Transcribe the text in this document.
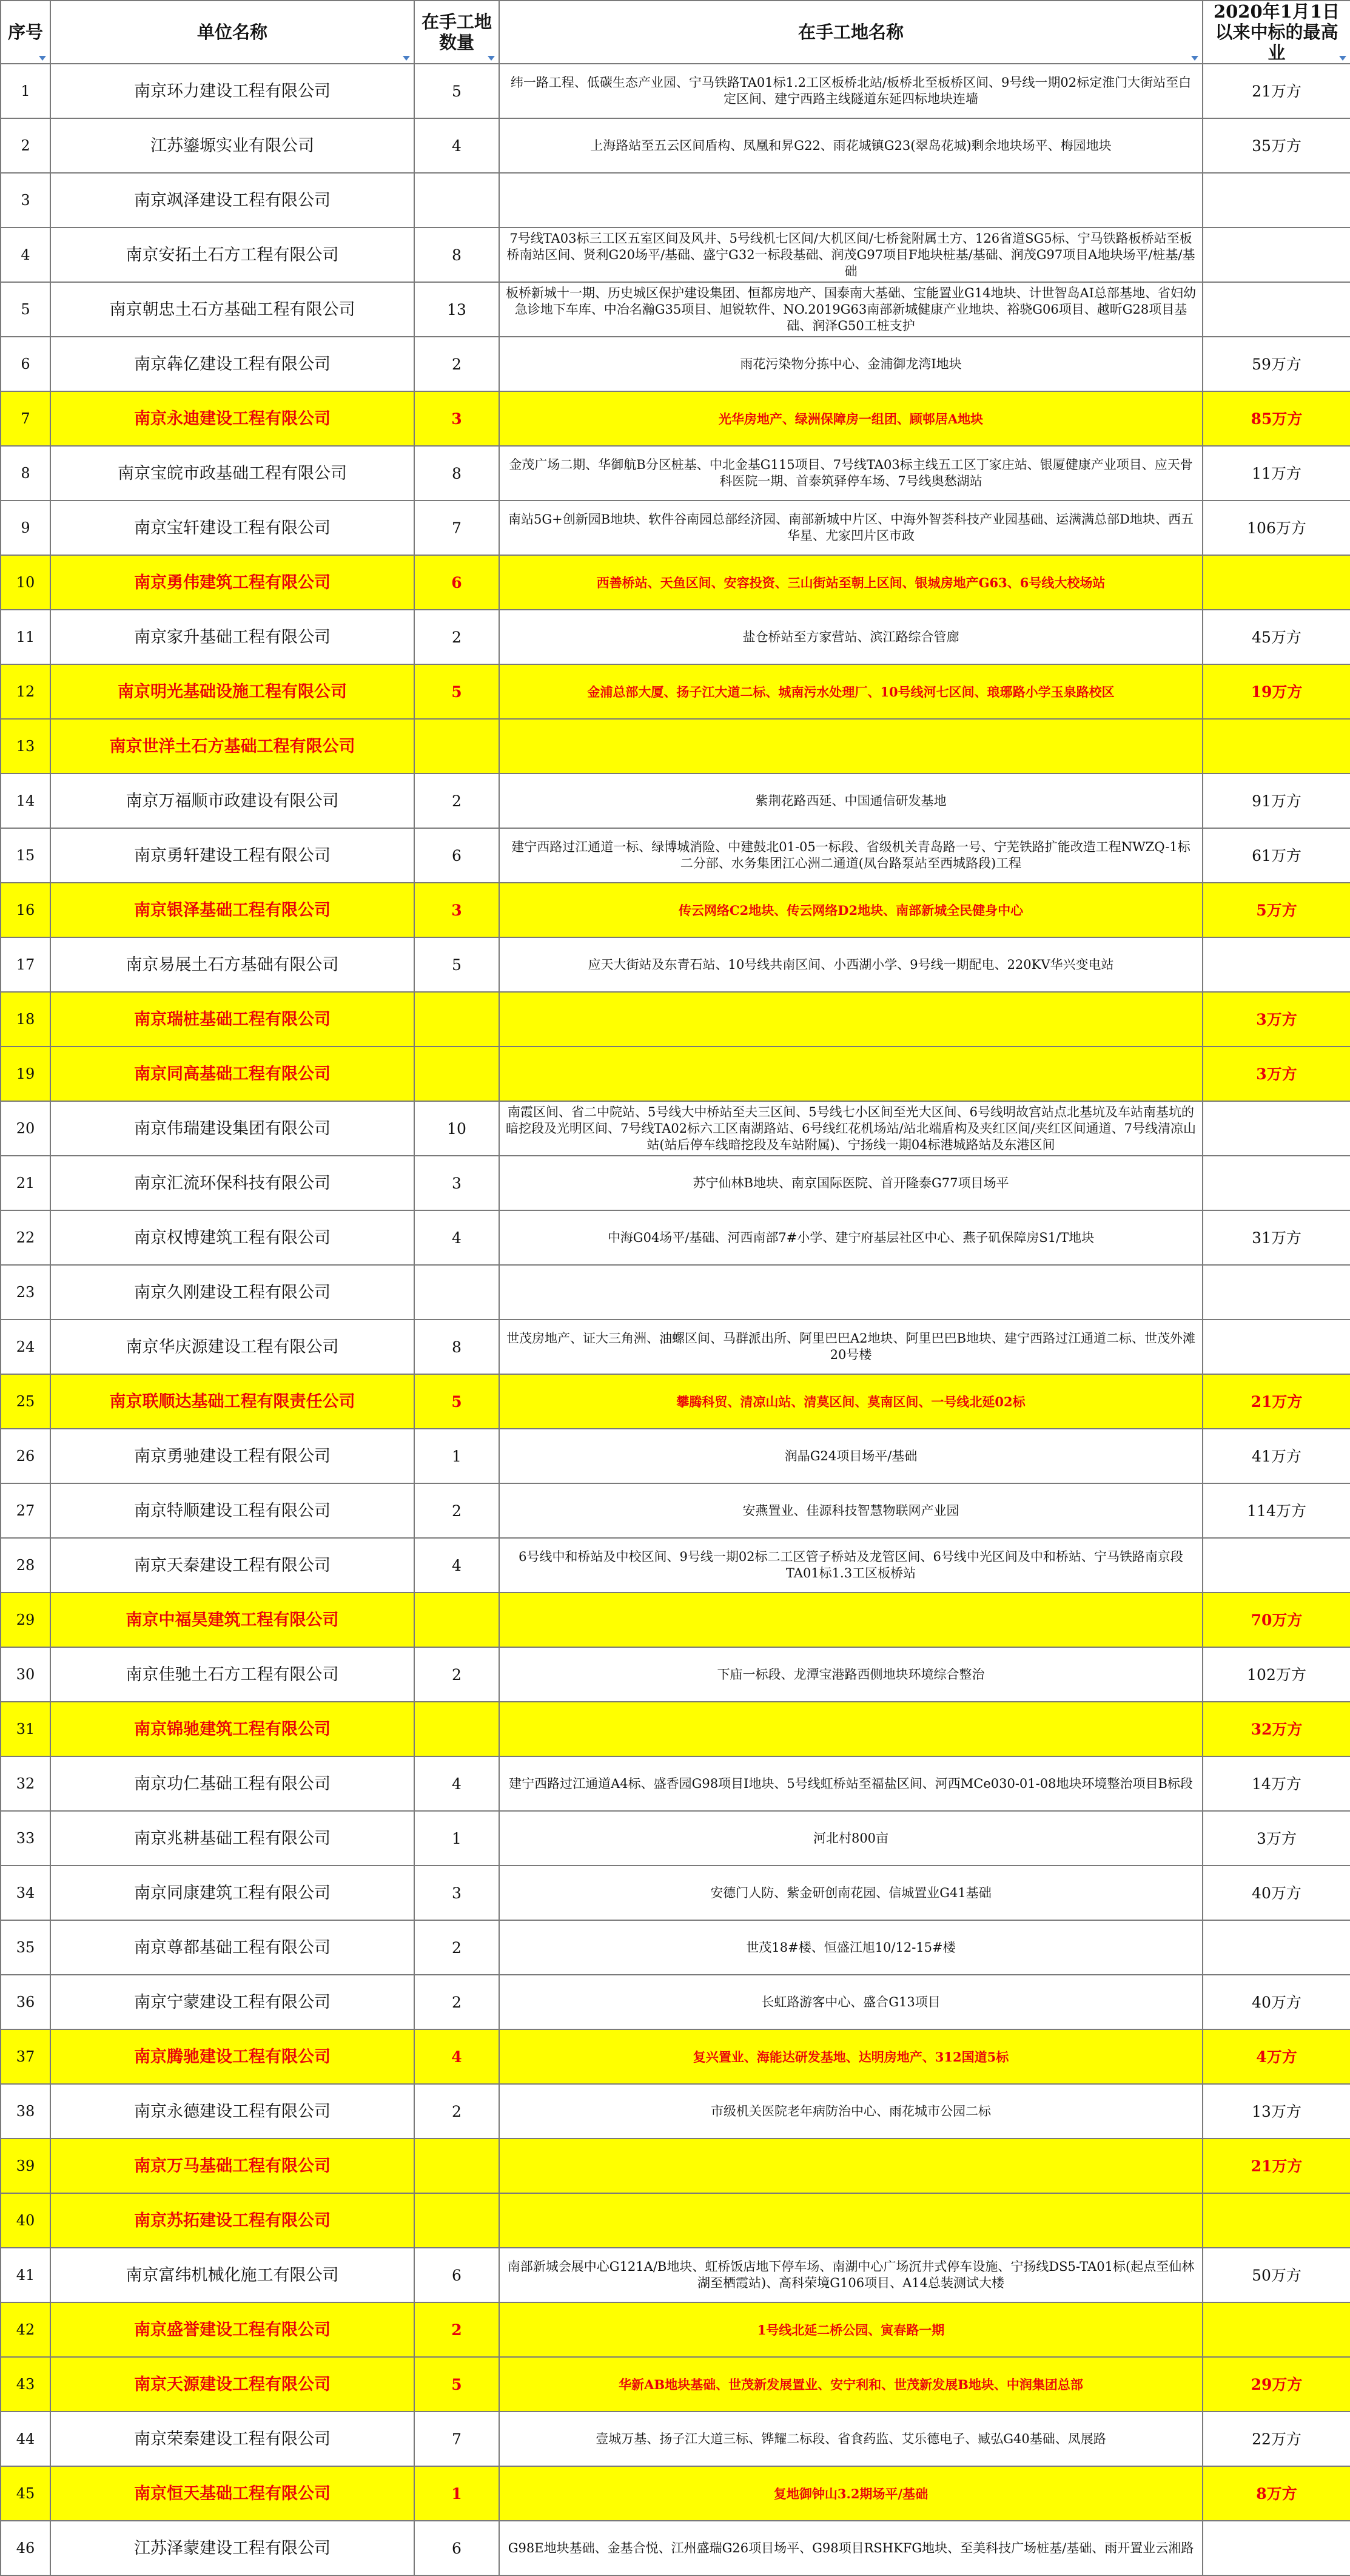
序号	单位名称	在手工地数量	在手工地名称	2020年1月1日以来中标的最高业

1	南京环力建设工程有限公司	5	纬一路工程、低碳生态产业园、宁马铁路TA01标1.2工区板桥北站/板桥北至板桥区间、9号线一期02标定淮门大街站至白定区间、建宁西路主线隧道东延四标地块连墙	21万方
2	江苏鎏塬实业有限公司	4	上海路站至五云区间盾构、凤凰和昇G22、雨花城镇G23(翠岛花城)剩余地块场平、梅园地块	35万方
3	南京飒泽建设工程有限公司			
4	南京安拓土石方工程有限公司	8	7号线TA03标三工区五室区间及风井、5号线机七区间/大机区间/七桥瓮附属土方、126省道SG5标、宁马铁路板桥站至板桥南站区间、贤利G20场平/基础、盛宁G32一标段基础、润茂G97项目F地块桩基/基础、润茂G97项目A地块场平/桩基/基础	
5	南京朝忠土石方基础工程有限公司	13	板桥新城十一期、历史城区保护建设集团、恒都房地产、国泰南大基础、宝能置业G14地块、计世智岛AI总部基地、省妇幼急诊地下车库、中冶名瀚G35项目、旭锐软件、NO.2019G63南部新城健康产业地块、裕骁G06项目、越昕G28项目基础、润泽G50工桩支护	
6	南京犇亿建设工程有限公司	2	雨花污染物分拣中心、金浦御龙湾I地块	59万方
7	南京永迪建设工程有限公司	3	光华房地产、绿洲保障房一组团、顾邨居A地块	85万方
8	南京宝皖市政基础工程有限公司	8	金茂广场二期、华御航B分区桩基、中北金基G115项目、7号线TA03标主线五工区丁家庄站、银厦健康产业项目、应天骨科医院一期、首泰筑驿停车场、7号线奥愁湖站	11万方
9	南京宝轩建设工程有限公司	7	南站5G+创新园B地块、软件谷南园总部经济园、南部新城中片区、中海外智荟科技产业园基础、运满满总部D地块、西五华星、尤家凹片区市政	106万方
10	南京勇伟建筑工程有限公司	6	西善桥站、天鱼区间、安容投资、三山街站至朝上区间、银城房地产G63、6号线大校场站	
11	南京家升基础工程有限公司	2	盐仓桥站至方家营站、滨江路综合管廊	45万方
12	南京明光基础设施工程有限公司	5	金浦总部大厦、扬子江大道二标、城南污水处理厂、10号线河七区间、琅琊路小学玉泉路校区	19万方
13	南京世洋土石方基础工程有限公司			
14	南京万福顺市政建设有限公司	2	紫荆花路西延、中国通信研发基地	91万方
15	南京勇轩建设工程有限公司	6	建宁西路过江通道一标、绿博城消险、中建鼓北01-05一标段、省级机关青岛路一号、宁芜铁路扩能改造工程NWZQ-1标二分部、水务集团江心洲二通道(凤台路泵站至西城路段)工程	61万方
16	南京银泽基础工程有限公司	3	传云网络C2地块、传云网络D2地块、南部新城全民健身中心	5万方
17	南京易展土石方基础有限公司	5	应天大街站及东青石站、10号线共南区间、小西湖小学、9号线一期配电、220KV华兴变电站	
18	南京瑞桩基础工程有限公司			3万方
19	南京同高基础工程有限公司			3万方
20	南京伟瑞建设集团有限公司	10	南霞区间、省二中院站、5号线大中桥站至夫三区间、5号线七小区间至光大区间、6号线明故宫站点北基坑及车站南基坑的暗挖段及光明区间、7号线TA02标六工区南湖路站、6号线红花机场站/站北端盾构及夹红区间/夹红区间通道、7号线清凉山站(站后停车线暗挖段及车站附属)、宁扬线一期04标港城路站及东港区间	
21	南京汇流环保科技有限公司	3	苏宁仙林B地块、南京国际医院、首开隆泰G77项目场平	
22	南京权博建筑工程有限公司	4	中海G04场平/基础、河西南部7#小学、建宁府基层社区中心、燕子矶保障房S1/T地块	31万方
23	南京久刚建设工程有限公司			
24	南京华庆源建设工程有限公司	8	世茂房地产、证大三角洲、油螺区间、马群派出所、阿里巴巴A2地块、阿里巴巴B地块、建宁西路过江通道二标、世茂外滩20号楼	
25	南京联顺达基础工程有限责任公司	5	攀腾科贸、清凉山站、清莫区间、莫南区间、一号线北延02标	21万方
26	南京勇驰建设工程有限公司	1	润晶G24项目场平/基础	41万方
27	南京特顺建设工程有限公司	2	安燕置业、佳源科技智慧物联网产业园	114万方
28	南京天秦建设工程有限公司	4	6号线中和桥站及中校区间、9号线一期02标二工区管子桥站及龙管区间、6号线中光区间及中和桥站、宁马铁路南京段TA01标1.3工区板桥站	
29	南京中福昊建筑工程有限公司			70万方
30	南京佳驰土石方工程有限公司	2	下庙一标段、龙潭宝港路西侧地块环境综合整治	102万方
31	南京锦驰建筑工程有限公司			32万方
32	南京功仁基础工程有限公司	4	建宁西路过江通道A4标、盛香园G98项目I地块、5号线虹桥站至福盐区间、河西MCe030-01-08地块环境整治项目B标段	14万方
33	南京兆耕基础工程有限公司	1	河北村800亩	3万方
34	南京同康建筑工程有限公司	3	安德门人防、紫金研创南花园、信城置业G41基础	40万方
35	南京尊都基础工程有限公司	2	世茂18#楼、恒盛江旭10/12-15#楼	
36	南京宁蒙建设工程有限公司	2	长虹路游客中心、盛合G13项目	40万方
37	南京腾驰建设工程有限公司	4	复兴置业、海能达研发基地、达明房地产、312国道5标	4万方
38	南京永德建设工程有限公司	2	市级机关医院老年病防治中心、雨花城市公园二标	13万方
39	南京万马基础工程有限公司			21万方
40	南京苏拓建设工程有限公司			
41	南京富纬机械化施工有限公司	6	南部新城会展中心G121A/B地块、虹桥饭店地下停车场、南湖中心广场沉井式停车设施、宁扬线DS5-TA01标(起点至仙林湖至栖霞站)、高科荣境G106项目、A14总装测试大楼	50万方
42	南京盛誉建设工程有限公司	2	1号线北延二桥公园、寅春路一期	
43	南京天源建设工程有限公司	5	华新AB地块基础、世茂新发展置业、安宁利和、世茂新发展B地块、中润集团总部	29万方
44	南京荣秦建设工程有限公司	7	壹城万基、扬子江大道三标、铧耀二标段、省食药监、艾乐德电子、臧弘G40基础、凤展路	22万方
45	南京恒天基础工程有限公司	1	复地御钟山3.2期场平/基础	8万方
46	江苏泽蒙建设工程有限公司	6	G98E地块基础、金基合悦、江州盛瑞G26项目场平、G98项目RSHKFG地块、至美科技广场桩基/基础、雨开置业云湘路	
